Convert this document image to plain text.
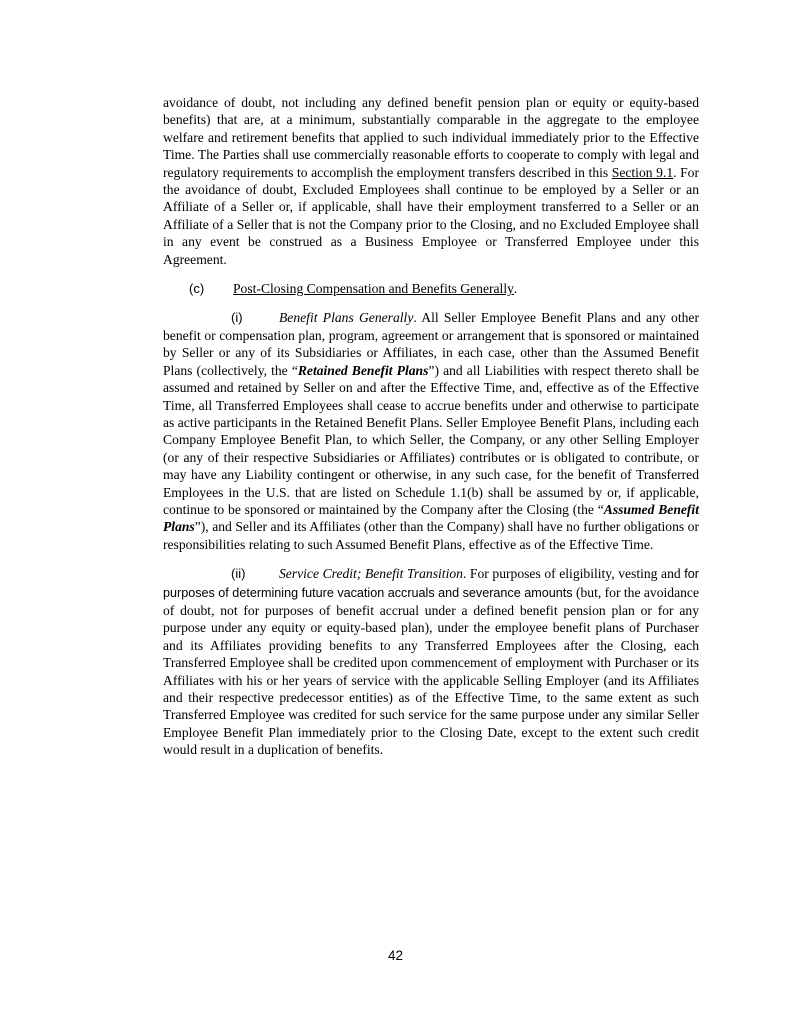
avoidance of doubt, not including any defined benefit pension plan or equity or equity-based benefits) that are, at a minimum, substantially comparable in the aggregate to the employee welfare and retirement benefits that applied to such individual immediately prior to the Effective Time. The Parties shall use commercially reasonable efforts to cooperate to comply with legal and regulatory requirements to accomplish the employment transfers described in this Section 9.1. For the avoidance of doubt, Excluded Employees shall continue to be employed by a Seller or an Affiliate of a Seller or, if applicable, shall have their employment transferred to a Seller or an Affiliate of a Seller that is not the Company prior to the Closing, and no Excluded Employee shall in any event be construed as a Business Employee or Transferred Employee under this Agreement.

(c) Post-Closing Compensation and Benefits Generally.

(i)	Benefit Plans Generally. All Seller Employee Benefit Plans and any other benefit or compensation plan, program, agreement or arrangement that is sponsored or maintained by Seller or any of its Subsidiaries or Affiliates, in each case, other than the Assumed Benefit Plans (collectively, the “Retained Benefit Plans”) and all Liabilities with respect thereto shall be assumed and retained by Seller on and after the Effective Time, and, effective as of the Effective Time, all Transferred Employees shall cease to accrue benefits under and otherwise to participate as active participants in the Retained Benefit Plans. Seller Employee Benefit Plans, including each Company Employee Benefit Plan, to which Seller, the Company, or any other Selling Employer (or any of their respective Subsidiaries or Affiliates) contributes or is obligated to contribute, or may have any Liability contingent or otherwise, in any such case, for the benefit of Transferred Employees in the U.S. that are listed on Schedule 1.1(b) shall be assumed by or, if applicable, continue to be sponsored or maintained by the Company after the Closing (the “Assumed Benefit Plans”), and Seller and its Affiliates (other than the Company) shall have no further obligations or responsibilities relating to such Assumed Benefit Plans, effective as of the Effective Time.

(ii) Service Credit; Benefit Transition. For purposes of eligibility, vesting and for purposes of determining future vacation accruals and severance amounts (but, for the avoidance of doubt, not for purposes of benefit accrual under a defined benefit pension plan or for any purpose under any equity or equity-based plan), under the employee benefit plans of Purchaser and its Affiliates providing benefits to any Transferred Employees after the Closing, each Transferred Employee shall be credited upon commencement of employment with Purchaser or its Affiliates with his or her years of service with the applicable Selling Employer (and its Affiliates and their respective predecessor entities) as of the Effective Time, to the same extent as such Transferred Employee was credited for such service for the same purpose under any similar Seller Employee Benefit Plan immediately prior to the Closing Date, except to the extent such credit would result in a duplication of benefits.

42
